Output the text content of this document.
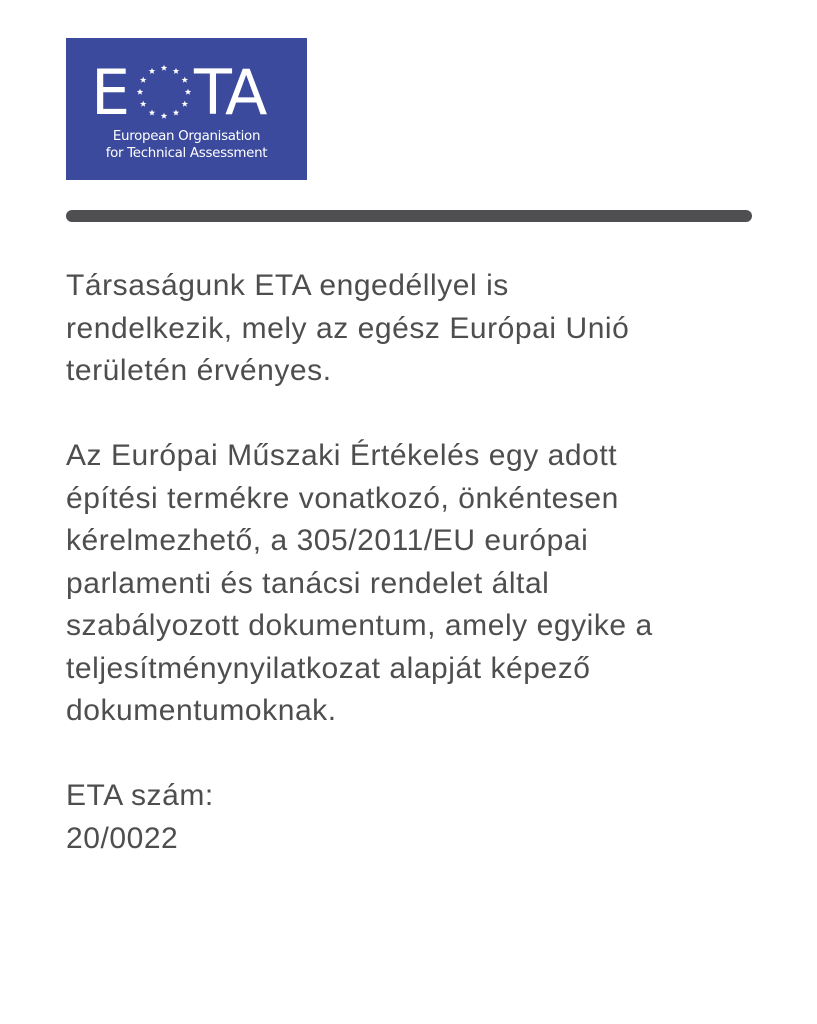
E TA
European Organisation
for Technical Assessment
Társaságunk ETA engedéllyel is
rendelkezik, mely az egész Európai Unió
területén érvényes.
Az Európai Műszaki Értékelés egy adott
építési termékre vonatkozó, önkéntesen
kérelmezhető, a 305/2011/EU európai
parlamenti és tanácsi rendelet által
szabályozott dokumentum, amely egyike a
teljesítménynyilatkozat alapját képező
dokumentumoknak.
ETA szám:
20/0022
